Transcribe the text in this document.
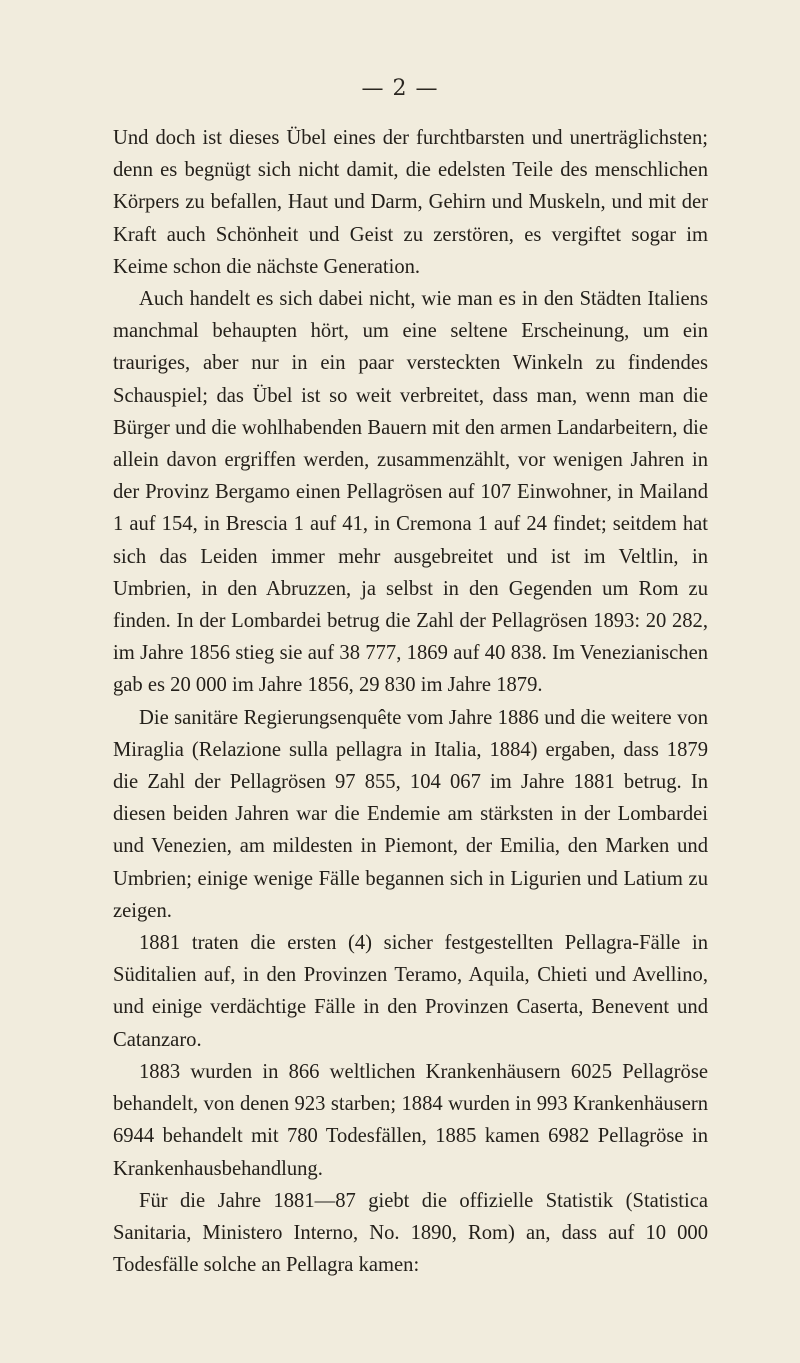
— 2 —

Und doch ist dieses Übel eines der furchtbarsten und unerträglichsten; denn es begnügt sich nicht damit, die edelsten Teile des menschlichen Körpers zu befallen, Haut und Darm, Gehirn und Muskeln, und mit der Kraft auch Schönheit und Geist zu zerstören, es vergiftet sogar im Keime schon die nächste Generation.

Auch handelt es sich dabei nicht, wie man es in den Städten Italiens manchmal behaupten hört, um eine seltene Erscheinung, um ein trauriges, aber nur in ein paar versteckten Winkeln zu findendes Schauspiel; das Übel ist so weit verbreitet, dass man, wenn man die Bürger und die wohlhabenden Bauern mit den armen Landarbeitern, die allein davon ergriffen werden, zusammenzählt, vor wenigen Jahren in der Provinz Bergamo einen Pellagrösen auf 107 Einwohner, in Mailand 1 auf 154, in Brescia 1 auf 41, in Cremona 1 auf 24 findet; seitdem hat sich das Leiden immer mehr ausgebreitet und ist im Veltlin, in Umbrien, in den Abruzzen, ja selbst in den Gegenden um Rom zu finden. In der Lombardei betrug die Zahl der Pellagrösen 1893: 20 282, im Jahre 1856 stieg sie auf 38 777, 1869 auf 40 838. Im Venezianischen gab es 20 000 im Jahre 1856, 29 830 im Jahre 1879.

Die sanitäre Regierungsenquête vom Jahre 1886 und die weitere von Miraglia (Relazione sulla pellagra in Italia, 1884) ergaben, dass 1879 die Zahl der Pellagrösen 97 855, 104 067 im Jahre 1881 betrug. In diesen beiden Jahren war die Endemie am stärksten in der Lombardei und Venezien, am mildesten in Piemont, der Emilia, den Marken und Umbrien; einige wenige Fälle begannen sich in Ligurien und Latium zu zeigen.

1881 traten die ersten (4) sicher festgestellten Pellagra-Fälle in Süditalien auf, in den Provinzen Teramo, Aquila, Chieti und Avellino, und einige verdächtige Fälle in den Provinzen Caserta, Benevent und Catanzaro.

1883 wurden in 866 weltlichen Krankenhäusern 6025 Pellagröse behandelt, von denen 923 starben; 1884 wurden in 993 Krankenhäusern 6944 behandelt mit 780 Todesfällen, 1885 kamen 6982 Pellagröse in Krankenhausbehandlung.

Für die Jahre 1881—87 giebt die offizielle Statistik (Statistica Sanitaria, Ministero Interno, No. 1890, Rom) an, dass auf 10 000 Todesfälle solche an Pellagra kamen:
